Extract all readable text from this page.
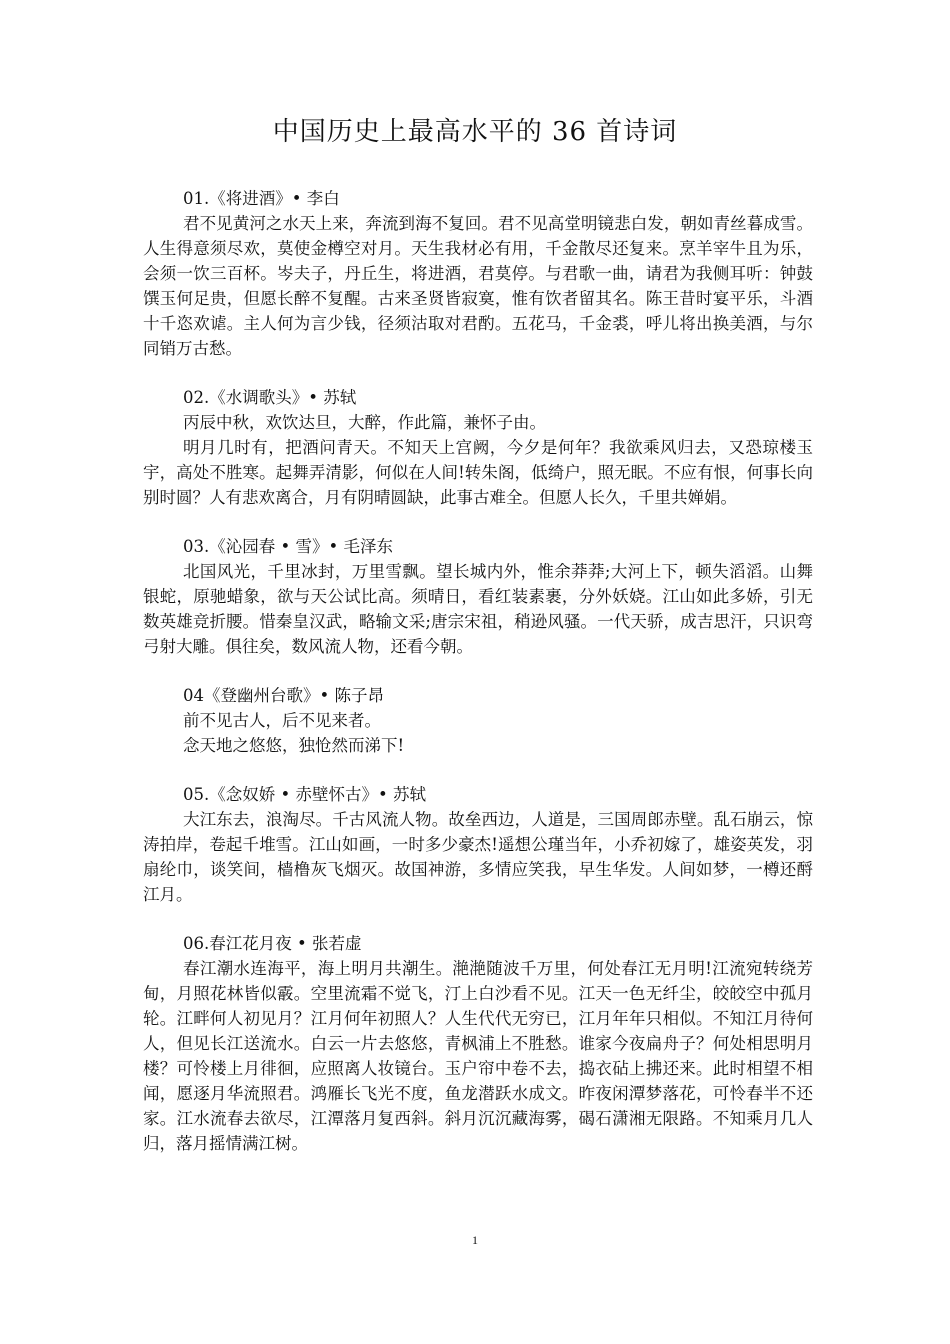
中国历史上最高水平的 36 首诗词
01.《将进酒》• 李白

君不见黄河之水天上来，奔流到海不复回。君不见高堂明镜悲白发，朝如青丝暮成雪。人生得意须尽欢，莫使金樽空对月。天生我材必有用，千金散尽还复来。烹羊宰牛且为乐，会须一饮三百杯。岑夫子，丹丘生，将进酒，君莫停。与君歌一曲，请君为我侧耳听：钟鼓馔玉何足贵，但愿长醉不复醒。古来圣贤皆寂寞，惟有饮者留其名。陈王昔时宴平乐，斗酒十千恣欢谑。主人何为言少钱，径须沽取对君酌。五花马，千金裘，呼儿将出换美酒，与尔同销万古愁。

02.《水调歌头》• 苏轼

丙辰中秋，欢饮达旦，大醉，作此篇，兼怀子由。

明月几时有，把酒问青天。不知天上宫阙，今夕是何年？我欲乘风归去，又恐琼楼玉宇，高处不胜寒。起舞弄清影，何似在人间!转朱阁，低绮户，照无眠。不应有恨，何事长向别时圆？人有悲欢离合，月有阴晴圆缺，此事古难全。但愿人长久，千里共婵娟。

03.《沁园春 • 雪》• 毛泽东

北国风光，千里冰封，万里雪飘。望长城内外，惟余莽莽;大河上下，顿失滔滔。山舞银蛇，原驰蜡象，欲与天公试比高。须晴日，看红装素裹，分外妖娆。江山如此多娇，引无数英雄竞折腰。惜秦皇汉武，略输文采;唐宗宋祖，稍逊风骚。一代天骄，成吉思汗，只识弯弓射大雕。俱往矣，数风流人物，还看今朝。

04《登幽州台歌》• 陈子昂

前不见古人，后不见来者。

念天地之悠悠，独怆然而涕下!

05.《念奴娇 • 赤壁怀古》• 苏轼

大江东去，浪淘尽。千古风流人物。故垒西边，人道是，三国周郎赤壁。乱石崩云，惊涛拍岸，卷起千堆雪。江山如画，一时多少豪杰!遥想公瑾当年，小乔初嫁了，雄姿英发，羽扇纶巾，谈笑间，樯橹灰飞烟灭。故国神游，多情应笑我，早生华发。人间如梦，一樽还酹江月。

06.春江花月夜 • 张若虚

春江潮水连海平，海上明月共潮生。滟滟随波千万里，何处春江无月明!江流宛转绕芳甸，月照花林皆似霰。空里流霜不觉飞，汀上白沙看不见。江天一色无纤尘，皎皎空中孤月轮。江畔何人初见月？江月何年初照人？人生代代无穷已，江月年年只相似。不知江月待何人，但见长江送流水。白云一片去悠悠，青枫浦上不胜愁。谁家今夜扁舟子？何处相思明月楼？可怜楼上月徘徊，应照离人妆镜台。玉户帘中卷不去，捣衣砧上拂还来。此时相望不相闻，愿逐月华流照君。鸿雁长飞光不度，鱼龙潜跃水成文。昨夜闲潭梦落花，可怜春半不还家。江水流春去欲尽，江潭落月复西斜。斜月沉沉藏海雾，碣石潇湘无限路。不知乘月几人归，落月摇情满江树。

1
